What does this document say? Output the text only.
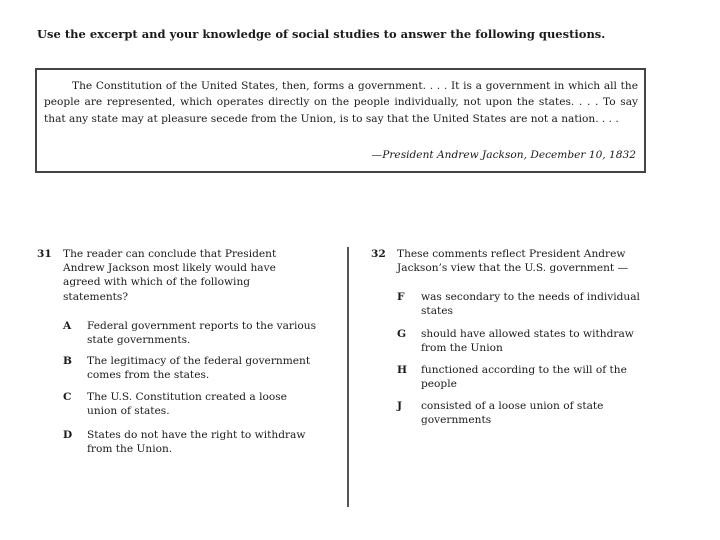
Use the excerpt and your knowledge of social studies to answer the following questions.
The Constitution of the United States, then, forms a government. . . . It is a government in which all the people are represented, which operates directly on the people individually, not upon the states. . . . To say that any state may at pleasure secede from the Union, is to say that the United States are not a nation. . . .
—President Andrew Jackson, December 10, 1832
31 The reader can conclude that President Andrew Jackson most likely would have agreed with which of the following statements?
A Federal government reports to the various state governments.
B The legitimacy of the federal government comes from the states.
C The U.S. Constitution created a loose union of states.
D States do not have the right to withdraw from the Union.
32 These comments reflect President Andrew Jackson’s view that the U.S. government —
F was secondary to the needs of individual states
G should have allowed states to withdraw from the Union
H functioned according to the will of the people
J consisted of a loose union of state governments
